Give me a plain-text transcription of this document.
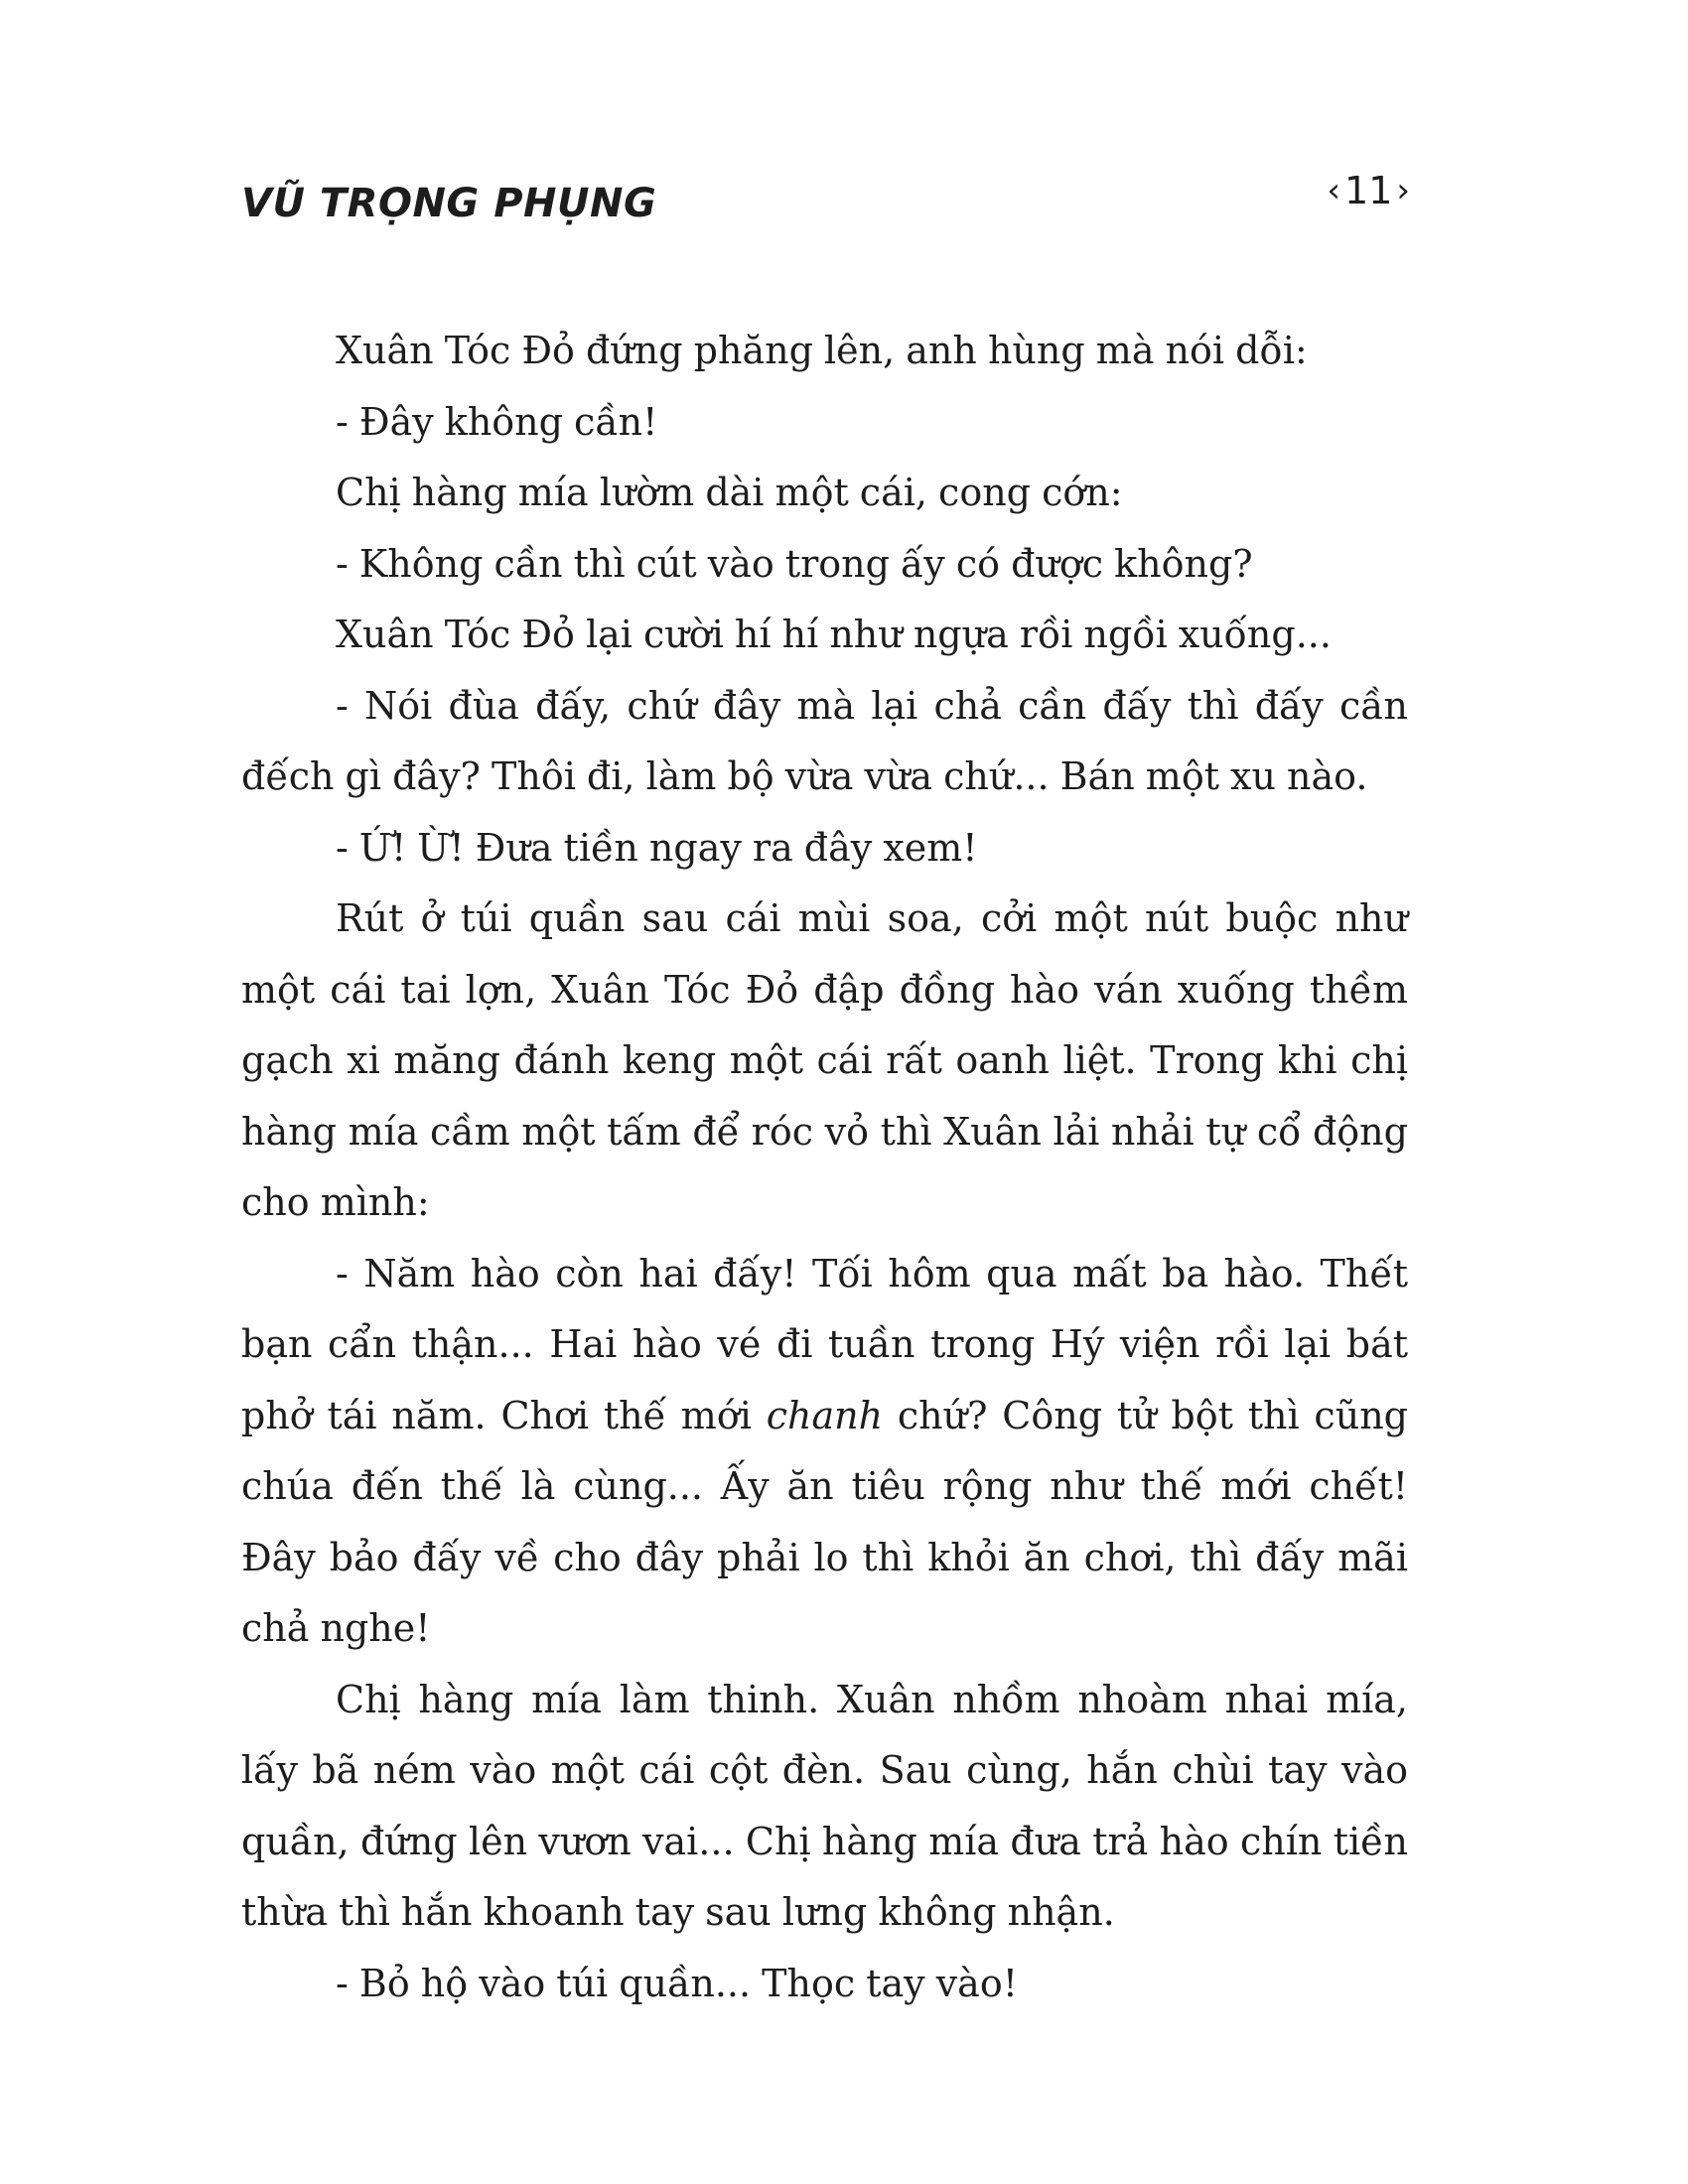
VŨ TRỌNG PHỤNG	‹ 11 ›

Xuân Tóc Đỏ đứng phăng lên, anh hùng mà nói dỗi:

- Đây không cần!

Chị hàng mía lườm dài một cái, cong cớn:

- Không cần thì cút vào trong ấy có được không?

Xuân Tóc Đỏ lại cười hí hí như ngựa rồi ngồi xuống...

- Nói đùa đấy, chứ đây mà lại chả cần đấy thì đấy cần đếch gì đây? Thôi đi, làm bộ vừa vừa chứ... Bán một xu nào.

- Ứ! Ừ! Đưa tiền ngay ra đây xem!

Rút ở túi quần sau cái mùi soa, cởi một nút buộc như một cái tai lợn, Xuân Tóc Đỏ đập đồng hào ván xuống thềm gạch xi măng đánh keng một cái rất oanh liệt. Trong khi chị hàng mía cầm một tấm để róc vỏ thì Xuân lải nhải tự cổ động cho mình:

- Năm hào còn hai đấy! Tối hôm qua mất ba hào. Thết bạn cẩn thận... Hai hào vé đi tuần trong Hý viện rồi lại bát phở tái năm. Chơi thế mới chanh chứ? Công tử bột thì cũng chúa đến thế là cùng... Ấy ăn tiêu rộng như thế mới chết! Đây bảo đấy về cho đây phải lo thì khỏi ăn chơi, thì đấy mãi chả nghe!

Chị hàng mía làm thinh. Xuân nhồm nhoàm nhai mía, lấy bã ném vào một cái cột đèn. Sau cùng, hắn chùi tay vào quần, đứng lên vươn vai... Chị hàng mía đưa trả hào chín tiền thừa thì hắn khoanh tay sau lưng không nhận.

- Bỏ hộ vào túi quần... Thọc tay vào!
